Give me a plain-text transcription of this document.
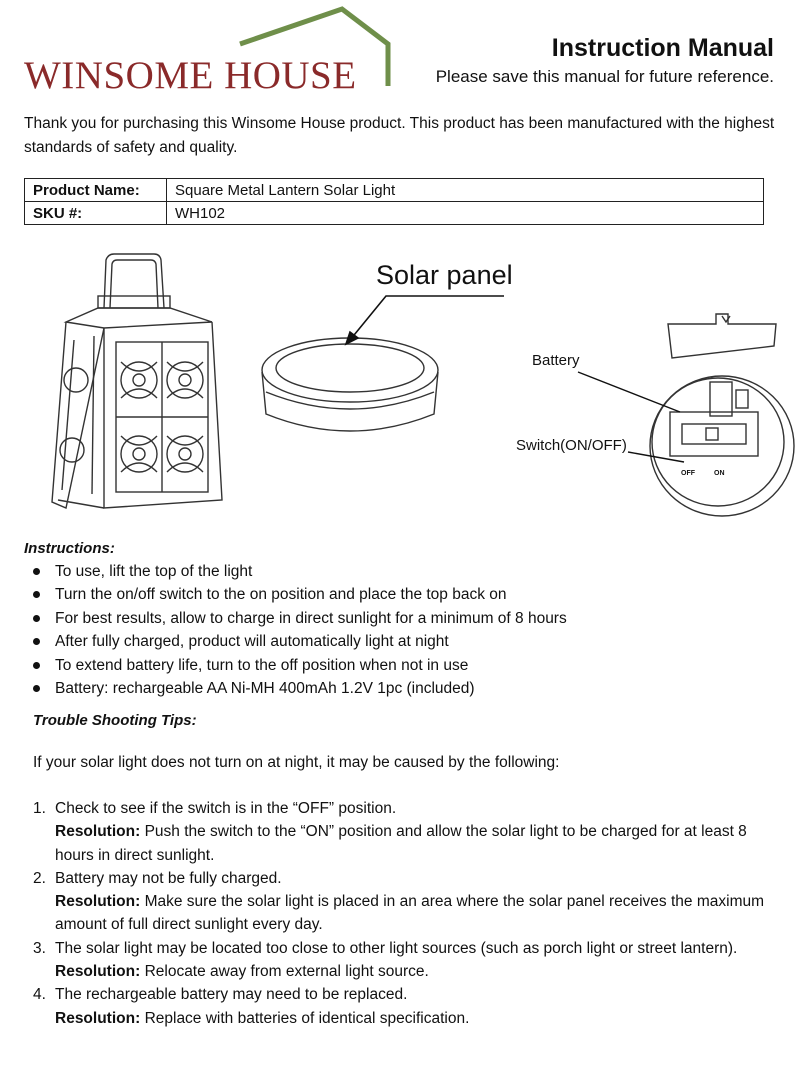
WINSOME HOUSE
Instruction Manual
Please save this manual for future reference.
Thank you for purchasing this Winsome House product. This product has been manufactured with the highest standards of safety and quality.
Product Name:	Square Metal Lantern Solar Light
SKU #:	WH102
Solar panel
Battery
Switch(ON/OFF)
OFF	ON
Instructions:
To use, lift the top of the light
Turn the on/off switch to the on position and place the top back on
For best results, allow to charge in direct sunlight for a minimum of 8 hours
After fully charged, product will automatically light at night
To extend battery life, turn to the off position when not in use
Battery: rechargeable AA Ni-MH 400mAh 1.2V 1pc (included)
Trouble Shooting Tips:
If your solar light does not turn on at night, it may be caused by the following:
1. Check to see if the switch is in the “OFF” position.
Resolution: Push the switch to the “ON” position and allow the solar light to be charged for at least 8 hours in direct sunlight.
2. Battery may not be fully charged.
Resolution: Make sure the solar light is placed in an area where the solar panel receives the maximum amount of full direct sunlight every day.
3. The solar light may be located too close to other light sources (such as porch light or street lantern).
Resolution: Relocate away from external light source.
4. The rechargeable battery may need to be replaced.
Resolution: Replace with batteries of identical specification.
